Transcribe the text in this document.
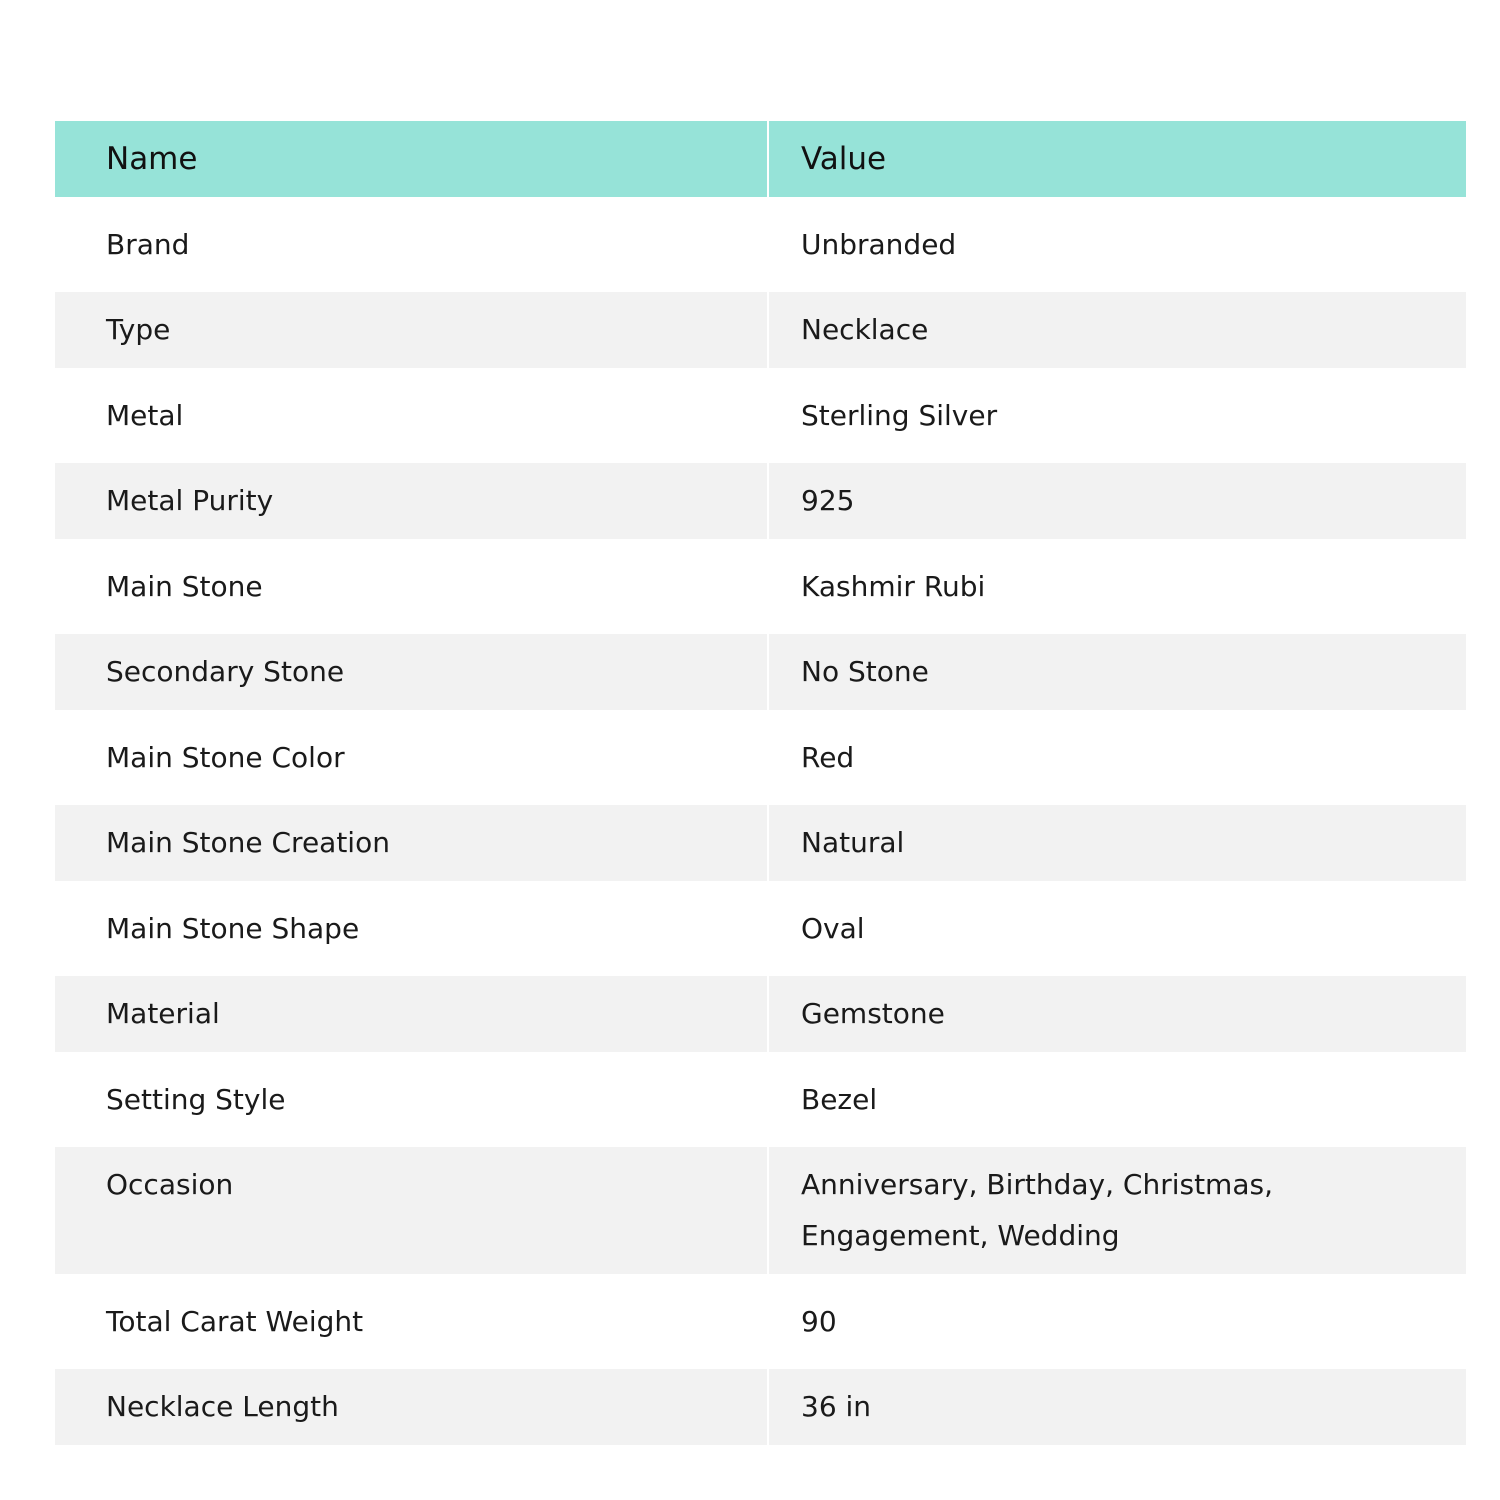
Name	Value
Brand	Unbranded
Type	Necklace
Metal	Sterling Silver
Metal Purity	925
Main Stone	Kashmir Rubi
Secondary Stone	No Stone
Main Stone Color	Red
Main Stone Creation	Natural
Main Stone Shape	Oval
Material	Gemstone
Setting Style	Bezel
Occasion	Anniversary, Birthday, Christmas, Engagement, Wedding
Total Carat Weight	90
Necklace Length	36 in
